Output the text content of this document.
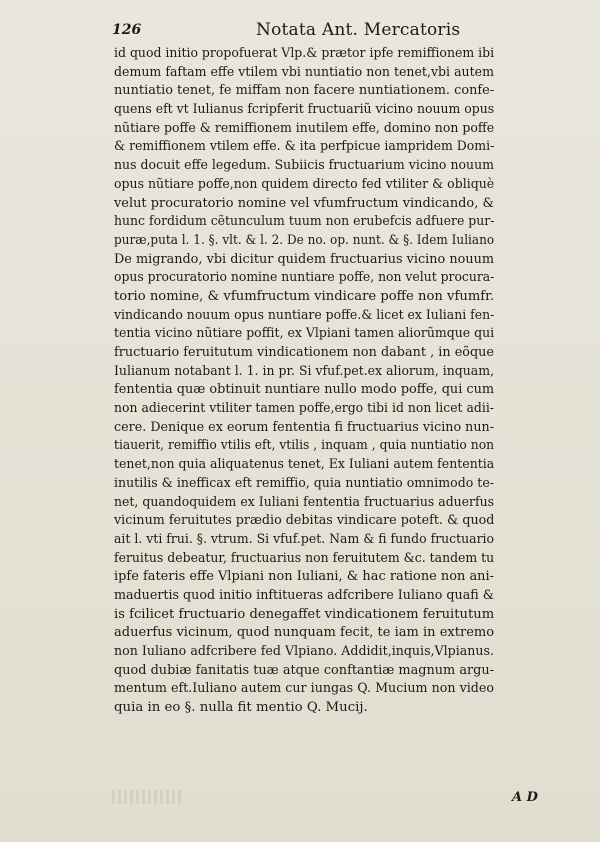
126	Notata Ant. Mercatoris
id quod initio propofuerat Vlp.& prætor ipfe remiffionem ibi
demum faftam effe vtilem vbi nuntiatio non tenet,vbi autem
nuntiatio tenet, fe miffam non facere nuntiationem. confe-
quens eft vt Iulianus fcripferit fructuariũ vicino nouum opus
nũtiare poffe & remiffionem inutilem effe, domino non poffe
& remiffionem vtilem effe. & ita perfpicue iampridem Domi-
nus docuit effe legedum. Subiicis fructuarium vicino nouum
opus nũtiare poffe,non quidem directo fed vtiliter & obliquè
velut procuratorio nomine vel vfumfructum vindicando, &
hunc fordidum cẽtunculum tuum non erubefcis adfuere pur-
puræ,puta l. 1. §. vlt. & l. 2. De no. op. nunt. & §. Idem Iuliano
De migrando, vbi dicitur quidem fructuarius vicino nouum
opus procuratorio nomine nuntiare poffe, non velut procura-
torio nomine, & vfumfructum vindicare poffe non vfumfr.
vindicando nouum opus nuntiare poffe.& licet ex Iuliani fen-
tentia vicino nũtiare poffit, ex Vlpiani tamen aliorũmque qui
fructuario feruitutum vindicationem non dabant , in eõque
Iulianum notabant l. 1. in pr. Si vfuf.pet.ex aliorum, inquam,
fententia quæ obtinuit nuntiare nullo modo poffe, qui cum
non adiecerint vtiliter tamen poffe,ergo tibi id non licet adii-
cere. Denique ex eorum fententia fi fructuarius vicino nun-
tiauerit, remiffio vtilis eft, vtilis , inquam , quia nuntiatio non
tenet,non quia aliquatenus tenet, Ex Iuliani autem fententia
inutilis & inefficax eft remiffio, quia nuntiatio omnimodo te-
net, quandoquidem ex Iuliani fententia fructuarius aduerfus
vicinum feruitutes prædio debitas vindicare poteft. & quod
ait l. vti frui. §. vtrum. Si vfuf.pet. Nam & fi fundo fructuario
feruitus debeatur, fructuarius non feruitutem &c. tandem tu
ipfe fateris effe Vlpiani non Iuliani, & hac ratione non ani-
maduertis quod initio inftitueras adfcribere Iuliano quafi &
is fcilicet fructuario denegaffet vindicationem feruitutum
aduerfus vicinum, quod nunquam fecit, te iam in extremo
non Iuliano adfcribere fed Vlpiano. Addidit,inquis,Vlpianus.
quod dubiæ fanitatis tuæ atque conftantiæ magnum argu-
mentum eft.Iuliano autem cur iungas Q. Mucium non video
quia in eo §. nulla fit mentio Q. Mucij.
A D
